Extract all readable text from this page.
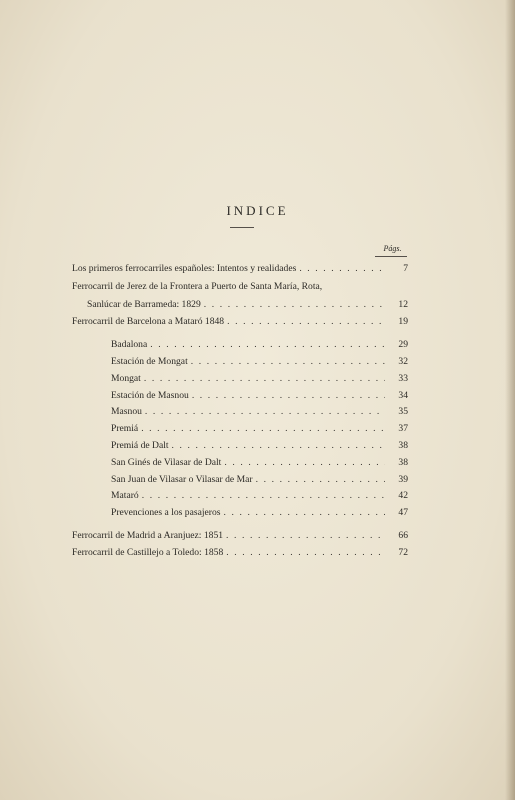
INDICE
Págs.
Los primeros ferrocarriles españoles: Intentos y realidades . . .	7
Ferrocarril de Jerez de la Frontera a Puerto de Santa María, Rota,
Sanlúcar de Barrameda: 1829 . . .	12
Ferrocarril de Barcelona a Mataró 1848 . . .	19
Badalona . . .	29
Estación de Mongat . . .	32
Mongat . . .	33
Estación de Masnou . . .	34
Masnou . . .	35
Premiá . . .	37
Premiá de Dalt . . .	38
San Ginés de Vilasar de Dalt . . .	38
San Juan de Vilasar o Vilasar de Mar . . .	39
Mataró . . .	42
Prevenciones a los pasajeros . . .	47
Ferrocarril de Madrid a Aranjuez: 1851 . . .	66
Ferrocarril de Castillejo a Toledo: 1858 . . .	72
